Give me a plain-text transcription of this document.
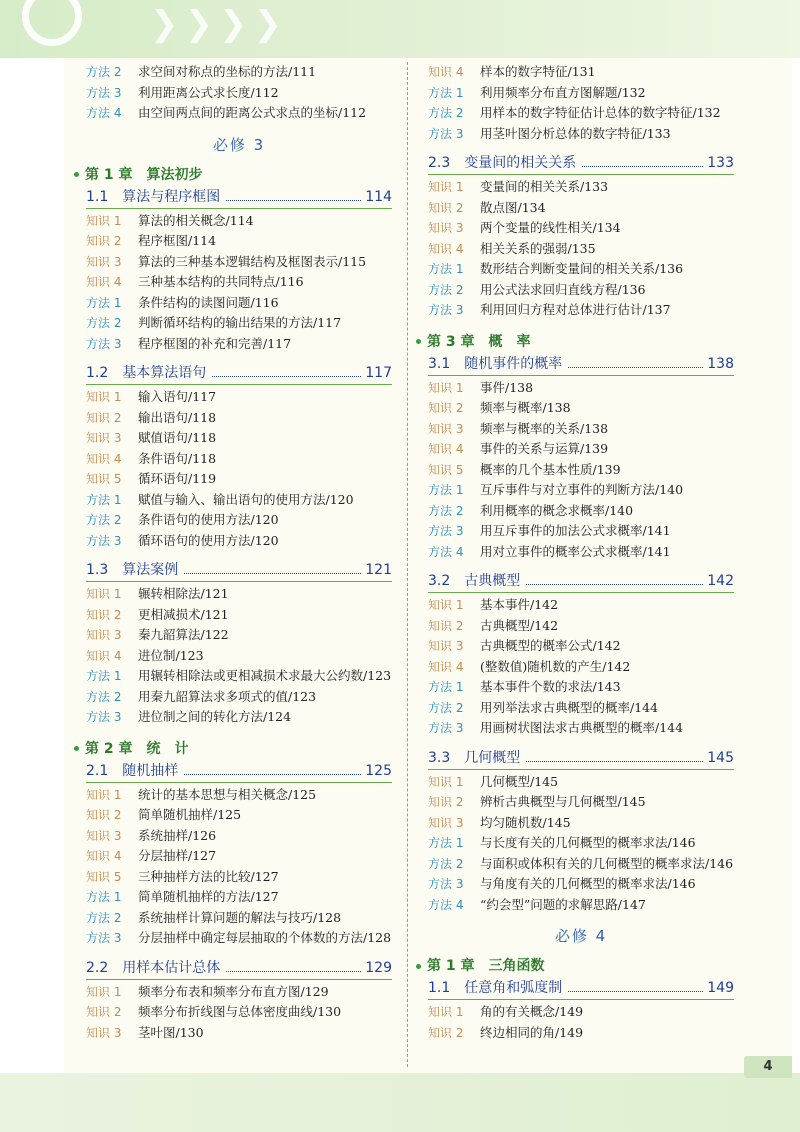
❯❯❯❯
4
方法 2	求空间对称点的坐标的方法/111
方法 3	利用距离公式求长度/112
方法 4	由空间两点间的距离公式求点的坐标/112
必修 3
第 1 章　算法初步
1.1　算法与程序框图	114
知识 1	算法的相关概念/114
知识 2	程序框图/114
知识 3	算法的三种基本逻辑结构及框图表示/115
知识 4	三种基本结构的共同特点/116
方法 1	条件结构的读图问题/116
方法 2	判断循环结构的输出结果的方法/117
方法 3	程序框图的补充和完善/117
1.2　基本算法语句	117
知识 1	输入语句/117
知识 2	输出语句/118
知识 3	赋值语句/118
知识 4	条件语句/118
知识 5	循环语句/119
方法 1	赋值与输入、输出语句的使用方法/120
方法 2	条件语句的使用方法/120
方法 3	循环语句的使用方法/120
1.3　算法案例	121
知识 1	辗转相除法/121
知识 2	更相减损术/121
知识 3	秦九韶算法/122
知识 4	进位制/123
方法 1	用辗转相除法或更相减损术求最大公约数/123
方法 2	用秦九韶算法求多项式的值/123
方法 3	进位制之间的转化方法/124
第 2 章　统　计
2.1　随机抽样	125
知识 1	统计的基本思想与相关概念/125
知识 2	简单随机抽样/125
知识 3	系统抽样/126
知识 4	分层抽样/127
知识 5	三种抽样方法的比较/127
方法 1	简单随机抽样的方法/127
方法 2	系统抽样计算问题的解法与技巧/128
方法 3	分层抽样中确定每层抽取的个体数的方法/128
2.2　用样本估计总体	129
知识 1	频率分布表和频率分布直方图/129
知识 2	频率分布折线图与总体密度曲线/130
知识 3	茎叶图/130
知识 4	样本的数字特征/131
方法 1	利用频率分布直方图解题/132
方法 2	用样本的数字特征估计总体的数字特征/132
方法 3	用茎叶图分析总体的数字特征/133
2.3　变量间的相关关系	133
知识 1	变量间的相关关系/133
知识 2	散点图/134
知识 3	两个变量的线性相关/134
知识 4	相关关系的强弱/135
方法 1	数形结合判断变量间的相关关系/136
方法 2	用公式法求回归直线方程/136
方法 3	利用回归方程对总体进行估计/137
第 3 章　概　率
3.1　随机事件的概率	138
知识 1	事件/138
知识 2	频率与概率/138
知识 3	频率与概率的关系/138
知识 4	事件的关系与运算/139
知识 5	概率的几个基本性质/139
方法 1	互斥事件与对立事件的判断方法/140
方法 2	利用概率的概念求概率/140
方法 3	用互斥事件的加法公式求概率/141
方法 4	用对立事件的概率公式求概率/141
3.2　古典概型	142
知识 1	基本事件/142
知识 2	古典概型/142
知识 3	古典概型的概率公式/142
知识 4	(整数值)随机数的产生/142
方法 1	基本事件个数的求法/143
方法 2	用列举法求古典概型的概率/144
方法 3	用画树状图法求古典概型的概率/144
3.3　几何概型	145
知识 1	几何概型/145
知识 2	辨析古典概型与几何概型/145
知识 3	均匀随机数/145
方法 1	与长度有关的几何概型的概率求法/146
方法 2	与面积或体积有关的几何概型的概率求法/146
方法 3	与角度有关的几何概型的概率求法/146
方法 4	“约会型”问题的求解思路/147
必修 4
第 1 章　三角函数
1.1　任意角和弧度制	149
知识 1	角的有关概念/149
知识 2	终边相同的角/149
